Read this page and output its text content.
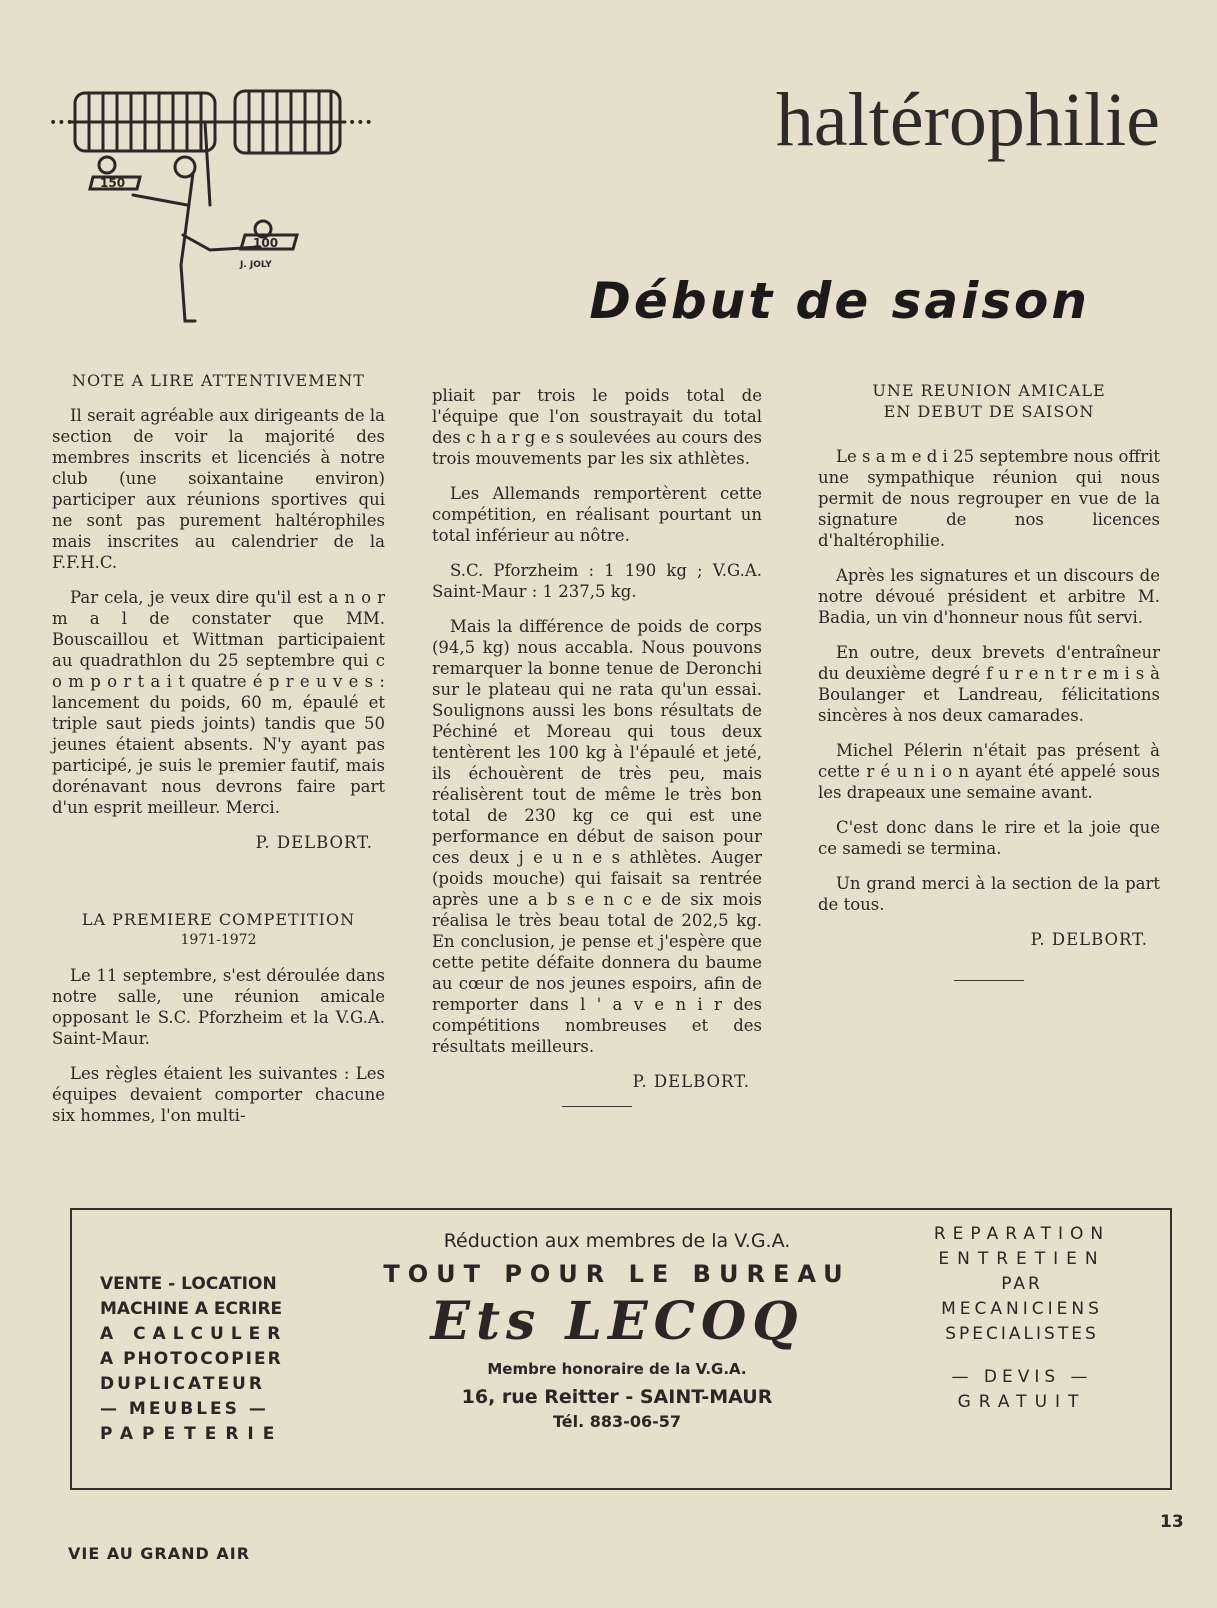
150
100
J. JOLY
•••	•••	haltérophilie
Début de saison
NOTE A LIRE ATTENTIVEMENT

Il serait agréable aux dirigeants de la section de voir la majorité des membres inscrits et licenciés à notre club (une soixantaine environ) participer aux réunions sportives qui ne sont pas purement haltérophiles mais inscrites au calendrier de la F.F.H.C.

Par cela, je veux dire qu'il est a n o r m a l de constater que MM. Bouscaillou et Wittman participaient au quadrathlon du 25 septembre qui c o m p o r t a i t quatre é p r e u v e s : lancement du poids, 60 m, épaulé et triple saut pieds joints) tandis que 50 jeunes étaient absents. N'y ayant pas participé, je suis le premier fautif, mais dorénavant nous devrons faire part d'un esprit meilleur. Merci.

P. DELBORT.
LA PREMIERE COMPETITION
1971-1972

Le 11 septembre, s'est déroulée dans notre salle, une réunion amicale opposant le S.C. Pforzheim et la V.G.A. Saint-Maur.

Les règles étaient les suivantes : Les équipes devaient comporter chacune six hommes, l'on multi-

pliait par trois le poids total de l'équipe que l'on soustrayait du total des c h a r g e s soulevées au cours des trois mouvements par les six athlètes.

Les Allemands remportèrent cette compétition, en réalisant pourtant un total inférieur au nôtre.

S.C. Pforzheim : 1 190 kg ; V.G.A. Saint-Maur : 1 237,5 kg.

Mais la différence de poids de corps (94,5 kg) nous accabla. Nous pouvons remarquer la bonne tenue de Deronchi sur le plateau qui ne rata qu'un essai. Soulignons aussi les bons résultats de Péchiné et Moreau qui tous deux tentèrent les 100 kg à l'épaulé et jeté, ils échouèrent de très peu, mais réalisèrent tout de même le très bon total de 230 kg ce qui est une performance en début de saison pour ces deux j e u n e s athlètes. Auger (poids mouche) qui faisait sa rentrée après une a b s e n c e de six mois réalisa le très beau total de 202,5 kg. En conclusion, je pense et j'espère que cette petite défaite donnera du baume au cœur de nos jeunes espoirs, afin de remporter dans l ' a v e n i r des compétitions nombreuses et des résultats meilleurs.

P. DELBORT.
UNE REUNION AMICALE
EN DEBUT DE SAISON

Le s a m e d i 25 septembre nous offrit une sympathique réunion qui nous permit de nous regrouper en vue de la signature de nos licences d'haltérophilie.

Après les signatures et un discours de notre dévoué président et arbitre M. Badia, un vin d'honneur nous fût servi.

En outre, deux brevets d'entraîneur du deuxième degré f u r e n t r e m i s à Boulanger et Landreau, félicitations sincères à nos deux camarades.

Michel Pélerin n'était pas présent à cette r é u n i o n ayant été appelé sous les drapeaux une semaine avant.

C'est donc dans le rire et la joie que ce samedi se termina.

Un grand merci à la section de la part de tous.

P. DELBORT.
VENTE - LOCATION
MACHINE A ECRIRE
A CALCULER
A PHOTOCOPIER
DUPLICATEUR
— MEUBLES —
PAPETERIE
Réduction aux membres de la V.G.A.
TOUT POUR LE BUREAU
Ets LECOQ
Membre honoraire de la V.G.A.
16, rue Reitter - SAINT-MAUR
Tél. 883-06-57
REPARATION
ENTRETIEN
PAR
MECANICIENS
SPECIALISTES
— DEVIS —
GRATUIT
VIE AU GRAND AIR
13
